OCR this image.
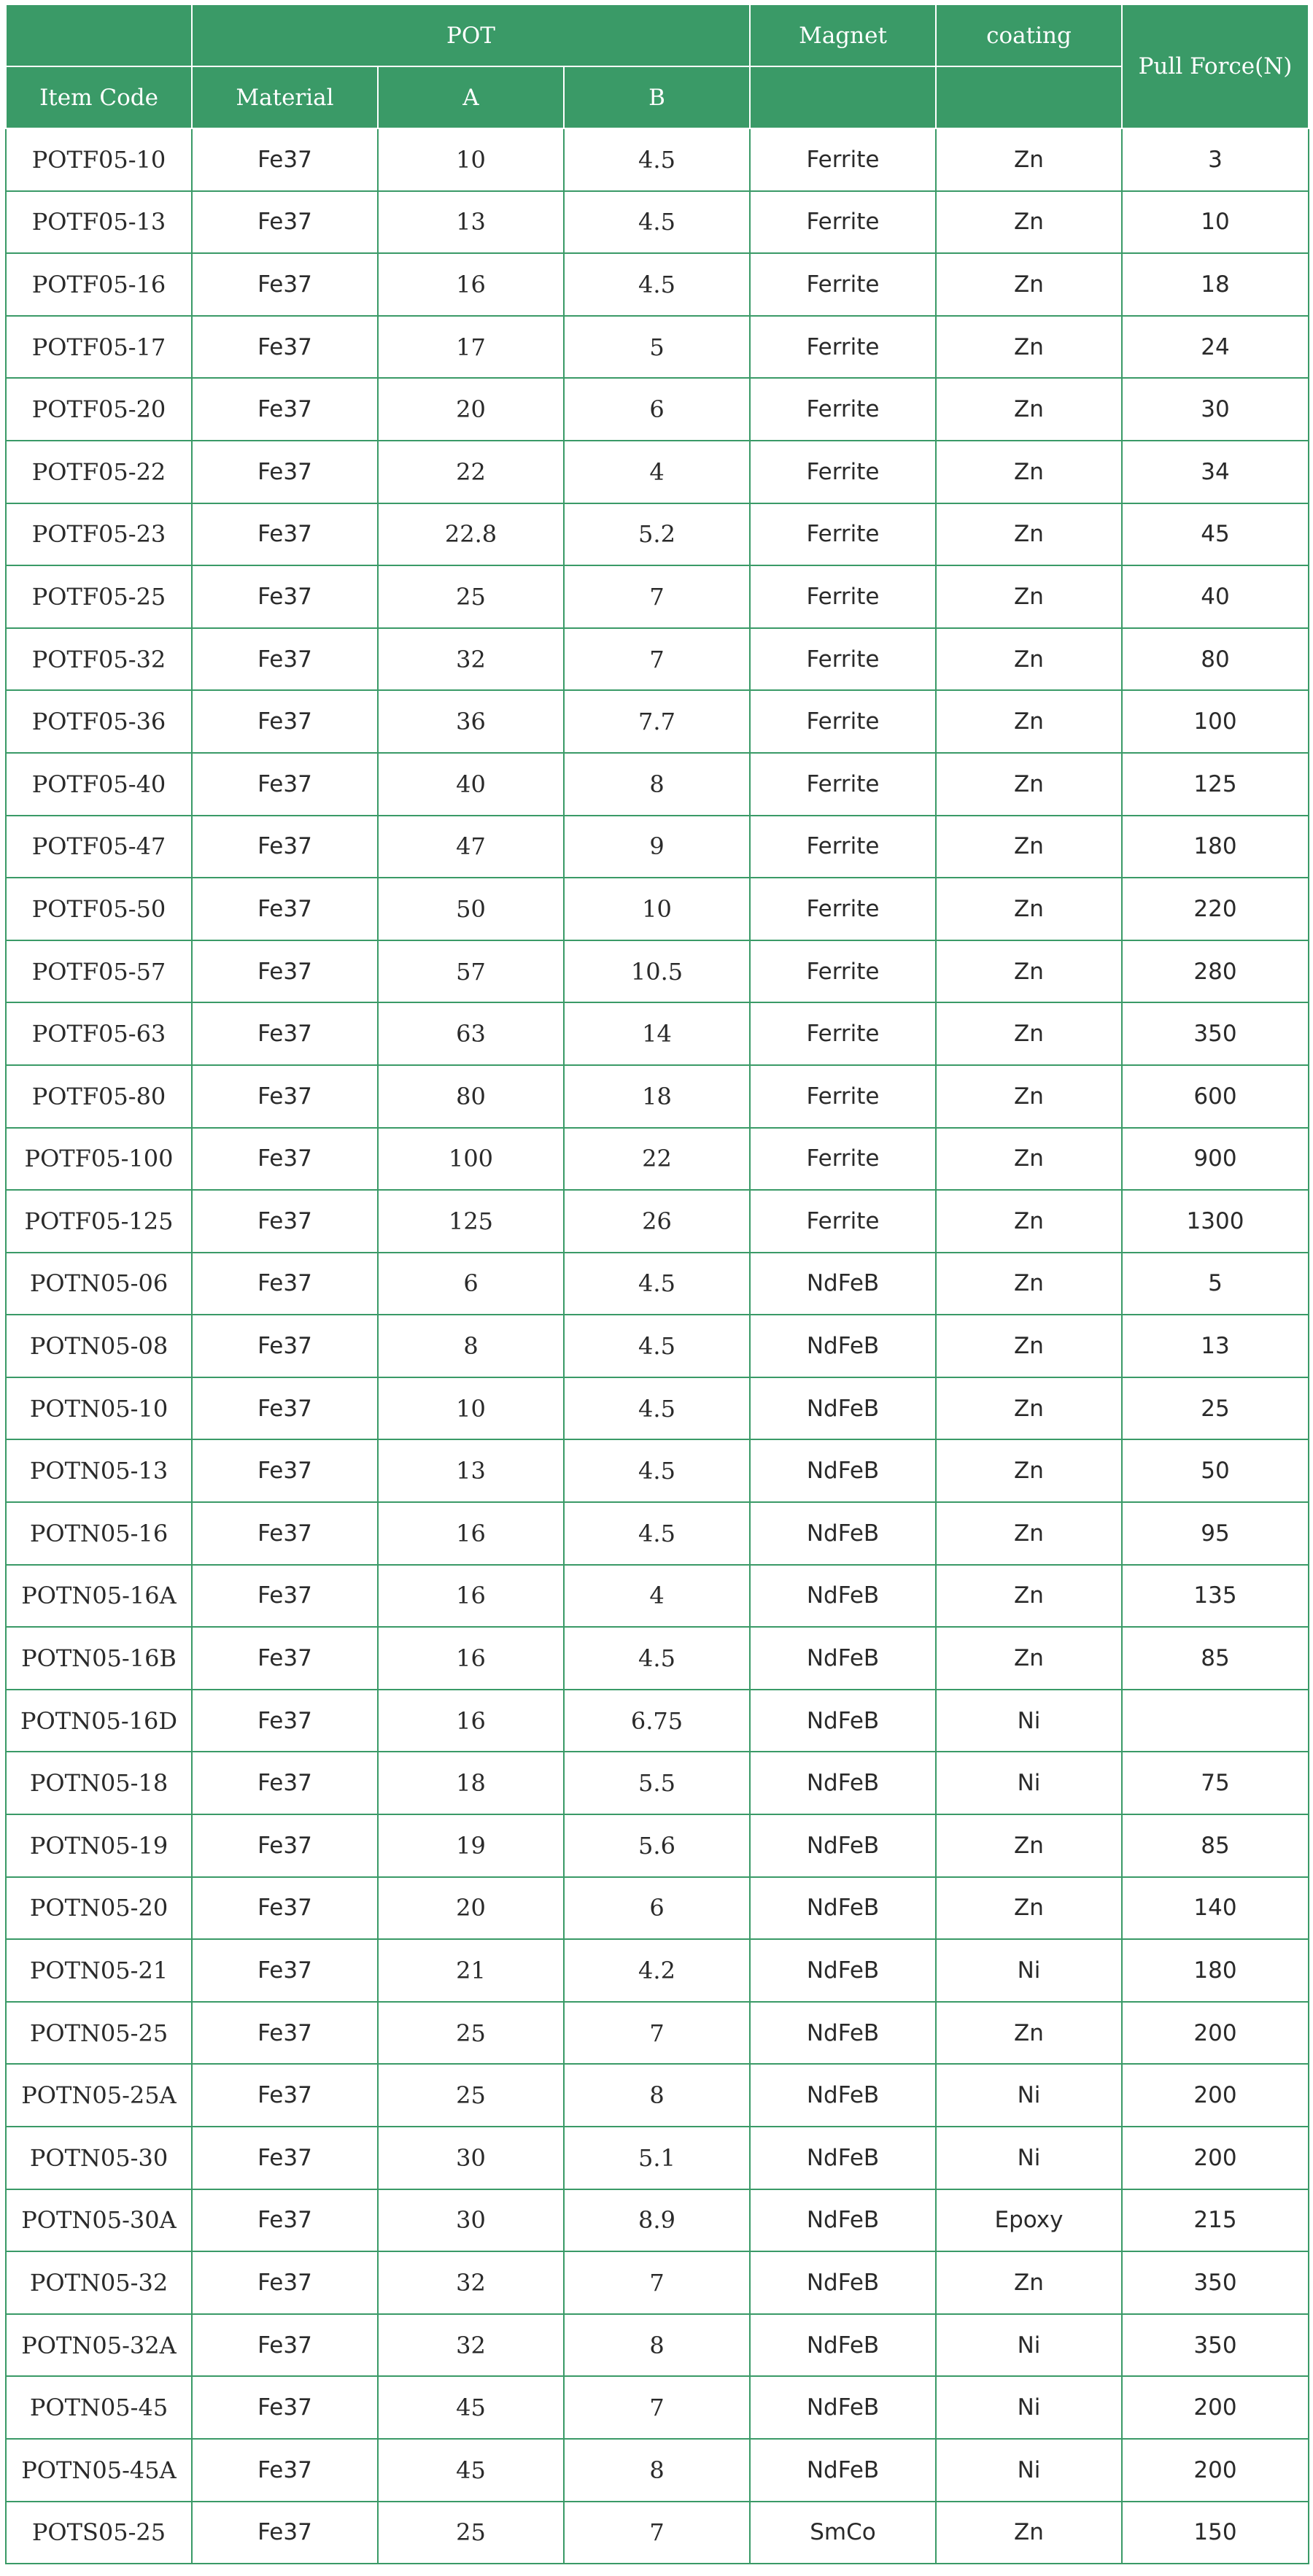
	POT			Magnet	coating	Pull Force(N)
Item Code	Material	A	B			
POTF05-10	Fe37	10	4.5	Ferrite	Zn	3
POTF05-13	Fe37	13	4.5	Ferrite	Zn	10
POTF05-16	Fe37	16	4.5	Ferrite	Zn	18
POTF05-17	Fe37	17	5	Ferrite	Zn	24
POTF05-20	Fe37	20	6	Ferrite	Zn	30
POTF05-22	Fe37	22	4	Ferrite	Zn	34
POTF05-23	Fe37	22.8	5.2	Ferrite	Zn	45
POTF05-25	Fe37	25	7	Ferrite	Zn	40
POTF05-32	Fe37	32	7	Ferrite	Zn	80
POTF05-36	Fe37	36	7.7	Ferrite	Zn	100
POTF05-40	Fe37	40	8	Ferrite	Zn	125
POTF05-47	Fe37	47	9	Ferrite	Zn	180
POTF05-50	Fe37	50	10	Ferrite	Zn	220
POTF05-57	Fe37	57	10.5	Ferrite	Zn	280
POTF05-63	Fe37	63	14	Ferrite	Zn	350
POTF05-80	Fe37	80	18	Ferrite	Zn	600
POTF05-100	Fe37	100	22	Ferrite	Zn	900
POTF05-125	Fe37	125	26	Ferrite	Zn	1300
POTN05-06	Fe37	6	4.5	NdFeB	Zn	5
POTN05-08	Fe37	8	4.5	NdFeB	Zn	13
POTN05-10	Fe37	10	4.5	NdFeB	Zn	25
POTN05-13	Fe37	13	4.5	NdFeB	Zn	50
POTN05-16	Fe37	16	4.5	NdFeB	Zn	95
POTN05-16A	Fe37	16	4	NdFeB	Zn	135
POTN05-16B	Fe37	16	4.5	NdFeB	Zn	85
POTN05-16D	Fe37	16	6.75	NdFeB	Ni	
POTN05-18	Fe37	18	5.5	NdFeB	Ni	75
POTN05-19	Fe37	19	5.6	NdFeB	Zn	85
POTN05-20	Fe37	20	6	NdFeB	Zn	140
POTN05-21	Fe37	21	4.2	NdFeB	Ni	180
POTN05-25	Fe37	25	7	NdFeB	Zn	200
POTN05-25A	Fe37	25	8	NdFeB	Ni	200
POTN05-30	Fe37	30	5.1	NdFeB	Ni	200
POTN05-30A	Fe37	30	8.9	NdFeB	Epoxy	215
POTN05-32	Fe37	32	7	NdFeB	Zn	350
POTN05-32A	Fe37	32	8	NdFeB	Ni	350
POTN05-45	Fe37	45	7	NdFeB	Ni	200
POTN05-45A	Fe37	45	8	NdFeB	Ni	200
POTS05-25	Fe37	25	7	SmCo	Zn	150
